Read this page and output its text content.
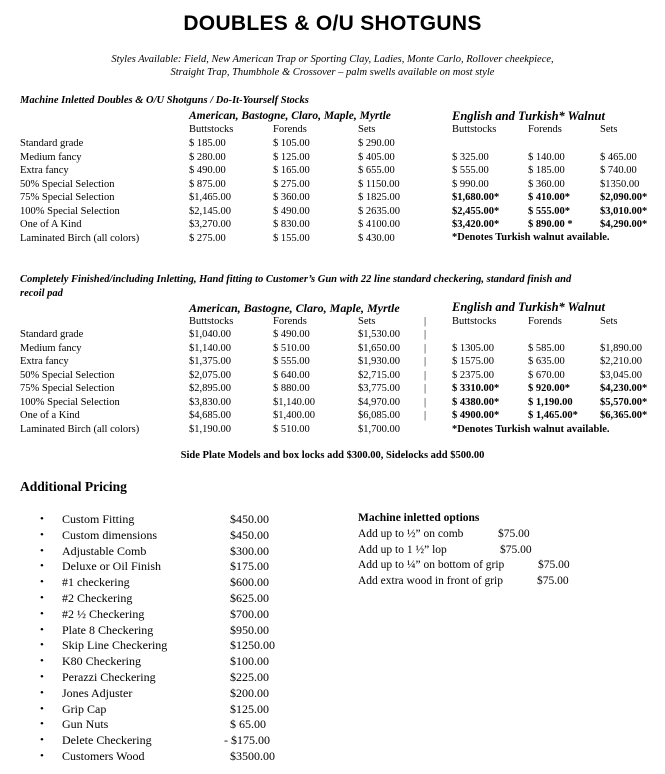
DOUBLES & O/U SHOTGUNS
Styles Available: Field, New American Trap or Sporting Clay, Ladies, Monte Carlo, Rollover cheekpiece,
Straight Trap, Thumbhole & Crossover – palm swells available on most style
Machine Inletted Doubles & O/U Shotguns / Do-It-Yourself Stocks
American, Bastogne, Claro, Maple, Myrtle	English and Turkish* Walnut
Buttstocks	Forends	Sets	Buttstocks	Forends	Sets
Standard grade	$ 185.00	$ 105.00	$ 290.00
Medium fancy	$ 280.00	$ 125.00	$ 405.00	$ 325.00	$ 140.00	$ 465.00
Extra fancy	$ 490.00	$ 165.00	$ 655.00	$ 555.00	$ 185.00	$ 740.00
50% Special Selection	$ 875.00	$ 275.00	$ 1150.00	$ 990.00	$ 360.00	$1350.00
75% Special Selection	$1,465.00	$ 360.00	$ 1825.00	$1,680.00*	$ 410.00*	$2,090.00*
100% Special Selection	$2,145.00	$ 490.00	$ 2635.00	$2,455.00*	$ 555.00*	$3,010.00*
One of A Kind	$3,270.00	$ 830.00	$ 4100.00	$3,420.00*	$ 890.00 *	$4,290.00*
Laminated Birch (all colors)	$ 275.00	$ 155.00	$ 430.00	*Denotes Turkish walnut available.
Completely Finished/including Inletting, Hand fitting to Customer’s Gun with 22 line standard checkering, standard finish and
recoil pad
American, Bastogne, Claro, Maple, Myrtle	English and Turkish* Walnut
Buttstocks	Forends	Sets	| Buttstocks	Forends	Sets
Standard grade	$1,040.00	$ 490.00	$1,530.00 |
Medium fancy	$1,140.00	$ 510.00	$1,650.00 | $ 1305.00	$ 585.00	$1,890.00
Extra fancy	$1,375.00	$ 555.00	$1,930.00 | $ 1575.00	$ 635.00	$2,210.00
50% Special Selection	$2,075.00	$ 640.00	$2,715.00 | $ 2375.00	$ 670.00	$3,045.00
75% Special Selection	$2,895.00	$ 880.00	$3,775.00 | $ 3310.00*	$ 920.00*	$4,230.00*
100% Special Selection	$3,830.00	$1,140.00	$4,970.00 | $ 4380.00*	$ 1,190.00	$5,570.00*
One of a Kind	$4,685.00	$1,400.00	$6,085.00 | $ 4900.00*	$ 1,465.00* $6,365.00*
Laminated Birch (all colors)	$1,190.00	$ 510.00	$1,700.00	*Denotes Turkish walnut available.
Side Plate Models and box locks add $300.00, Sidelocks add $500.00
Additional Pricing
• Custom Fitting	$450.00
• Custom dimensions	$450.00
• Adjustable Comb	$300.00
• Deluxe or Oil Finish	$175.00
• #1 checkering	$600.00
• #2 Checkering	$625.00
• #2 ½ Checkering	$700.00
• Plate 8 Checkering	$950.00
• Skip Line Checkering	$1250.00
• K80 Checkering	$100.00
• Perazzi Checkering	$225.00
• Jones Adjuster	$200.00
• Grip Cap	$125.00
• Gun Nuts	$ 65.00
• Delete Checkering	- $175.00
• Customers Wood	$3500.00
Machine inletted options
Add up to ½” on comb	$75.00
Add up to 1 ½” lop	$75.00
Add up to ¼” on bottom of grip	$75.00
Add extra wood in front of grip	$75.00
